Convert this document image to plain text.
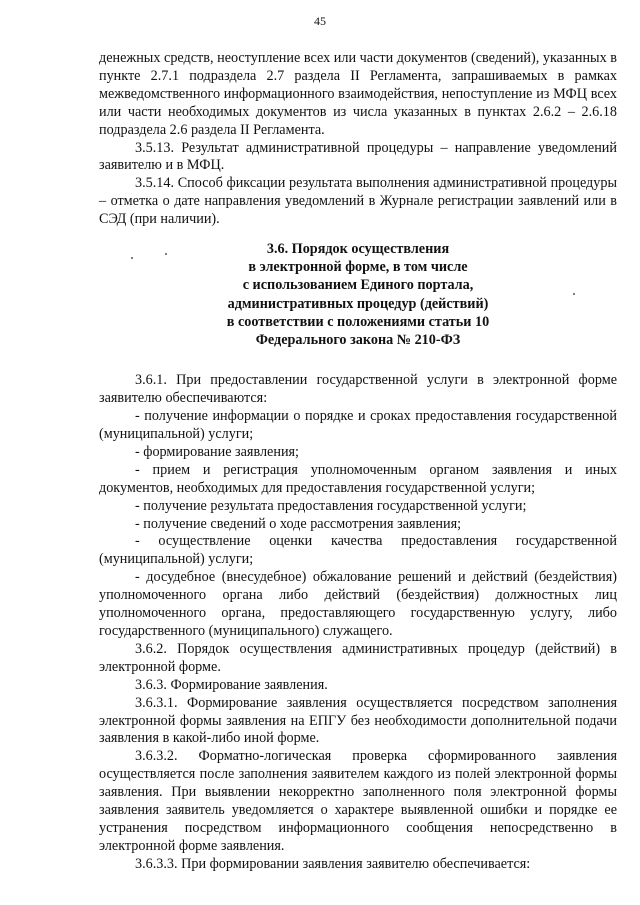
45

денежных средств, неоступление всех или части документов (сведений), указанных в пункте 2.7.1 подраздела 2.7 раздела II Регламента, запрашиваемых в рамках межведомственного информационного взаимодействия, непоступление из МФЦ всех или части необходимых документов из числа указанных в пунктах 2.6.2 – 2.6.18 подраздела 2.6 раздела II Регламента.

3.5.13. Результат административной процедуры – направление уведомлений заявителю и в МФЦ.

3.5.14. Способ фиксации результата выполнения административной процедуры – отметка о дате направления уведомлений в Журнале регистрации заявлений или в СЭД (при наличии).

3.6. Порядок осуществления
в электронной форме, в том числе
с использованием Единого портала,
административных процедур (действий)
в соответствии с положениями статьи 10
Федерального закона № 210-ФЗ

3.6.1. При предоставлении государственной услуги в электронной форме заявителю обеспечиваются:

- получение информации о порядке и сроках предоставления государственной (муниципальной) услуги;

- формирование заявления;

- прием и регистрация уполномоченным органом заявления и иных документов, необходимых для предоставления государственной услуги;

- получение результата предоставления государственной услуги;

- получение сведений о ходе рассмотрения заявления;

- осуществление оценки качества предоставления государственной (муниципальной) услуги;

- досудебное (внесудебное) обжалование решений и действий (бездействия) уполномоченного органа либо действий (бездействия) должностных лиц уполномоченного органа, предоставляющего государственную услугу, либо государственного (муниципального) служащего.

3.6.2. Порядок осуществления административных процедур (действий) в электронной форме.

3.6.3. Формирование заявления.

3.6.3.1. Формирование заявления осуществляется посредством заполнения электронной формы заявления на ЕПГУ без необходимости дополнительной подачи заявления в какой-либо иной форме.

3.6.3.2. Форматно-логическая проверка сформированного заявления осуществляется после заполнения заявителем каждого из полей электронной формы заявления. При выявлении некорректно заполненного поля электронной формы заявления заявитель уведомляется о характере выявленной ошибки и порядке ее устранения посредством информационного сообщения непосредственно в электронной форме заявления.

3.6.3.3. При формировании заявления заявителю обеспечивается:
